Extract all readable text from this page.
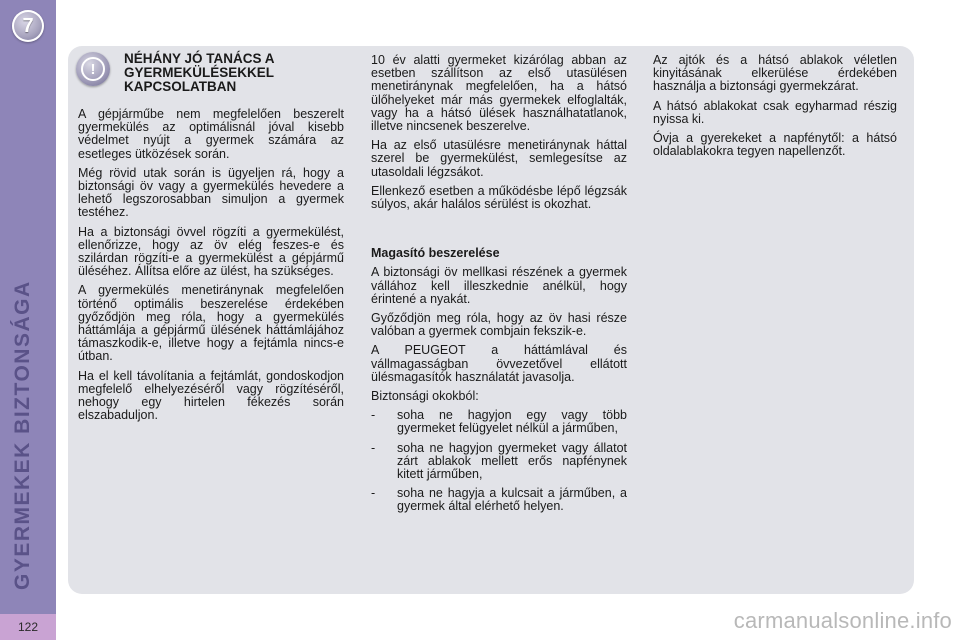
7
GYERMEKEK BIZTONSÁGA
122
!
NÉHÁNY JÓ TANÁCS A GYERMEKÜLÉSEKKEL KAPCSOLATBAN

A gépjárműbe nem megfelelően beszerelt gyermekülés az optimálisnál jóval kisebb védelmet nyújt a gyermek számára az esetleges ütközések során.

Még rövid utak során is ügyeljen rá, hogy a biztonsági öv vagy a gyermekülés hevedere a lehető legszorosabban simuljon a gyermek testéhez.

Ha a biztonsági övvel rögzíti a gyermekülést, ellenőrizze, hogy az öv elég feszes-e és szilárdan rögzíti-e a gyermekülést a gépjármű üléséhez. Állítsa előre az ülést, ha szükséges.

A gyermekülés menetiránynak megfelelően történő optimális beszerelése érdekében győződjön meg róla, hogy a gyermekülés háttámlája a gépjármű ülésének háttámlájához támaszkodik-e, illetve hogy a fejtámla nincs-e útban.

Ha el kell távolítania a fejtámlát, gondoskodjon megfelelő elhelyezéséről vagy rögzítéséről, nehogy egy hirtelen fékezés során elszabaduljon.

10 év alatti gyermeket kizárólag abban az esetben szállítson az első utasülésen menetiránynak megfelelően, ha a hátsó ülőhelyeket már más gyermekek elfoglalták, vagy ha a hátsó ülések használhatatlanok, illetve nincsenek beszerelve.

Ha az első utasülésre menetiránynak háttal szerel be gyermekülést, semlegesítse az utasoldali légzsákot.

Ellenkező esetben a működésbe lépő légzsák súlyos, akár halálos sérülést is okozhat.

Magasító beszerelése

A biztonsági öv mellkasi részének a gyermek vállához kell illeszkednie anélkül, hogy érintené a nyakát.

Győződjön meg róla, hogy az öv hasi része valóban a gyermek combjain fekszik-e.

A PEUGEOT a háttámlával és vállmagasságban övvezetővel ellátott ülésmagasítók használatát javasolja.

Biztonsági okokból:

- soha ne hagyjon egy vagy több gyermeket felügyelet nélkül a járműben,
- soha ne hagyjon gyermeket vagy állatot zárt ablakok mellett erős napfénynek kitett járműben,
- soha ne hagyja a kulcsait a járműben, a gyermek által elérhető helyen.

Az ajtók és a hátsó ablakok véletlen kinyitásának elkerülése érdekében használja a biztonsági gyermekzárat.

A hátsó ablakokat csak egyharmad részig nyissa ki.

Óvja a gyerekeket a napfénytől: a hátsó oldalablakokra tegyen napellenzőt.

carmanualsonline.info
